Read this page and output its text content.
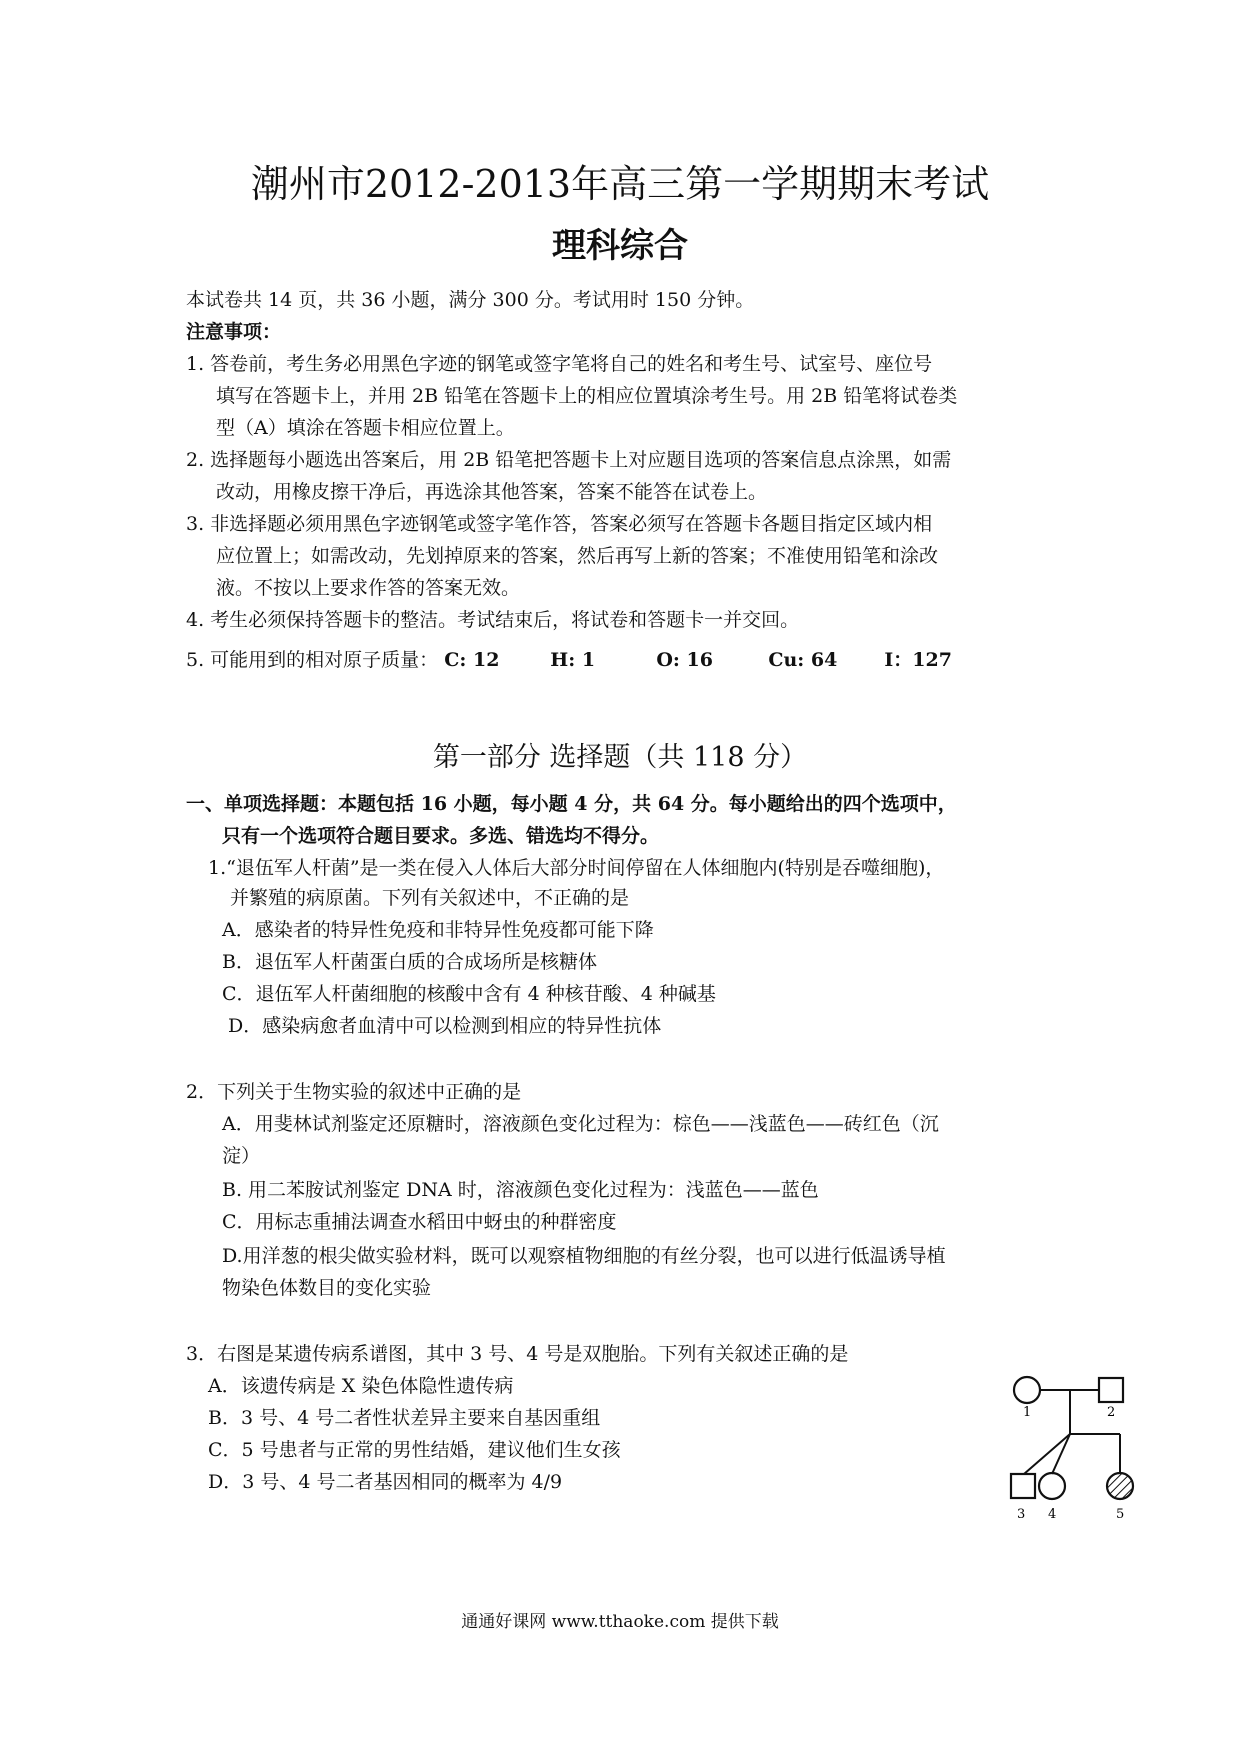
潮州市2012-2013年高三第一学期期末考试
理科综合
本试卷共 14 页，共 36 小题，满分 300 分。考试用时 150 分钟。
注意事项：
1. 答卷前，考生务必用黑色字迹的钢笔或签字笔将自己的姓名和考生号、试室号、座位号
填写在答题卡上，并用 2B 铅笔在答题卡上的相应位置填涂考生号。用 2B 铅笔将试卷类
型（A）填涂在答题卡相应位置上。
2. 选择题每小题选出答案后，用 2B 铅笔把答题卡上对应题目选项的答案信息点涂黑，如需
改动，用橡皮擦干净后，再选涂其他答案，答案不能答在试卷上。
3. 非选择题必须用黑色字迹钢笔或签字笔作答，答案必须写在答题卡各题目指定区域内相
应位置上；如需改动，先划掉原来的答案，然后再写上新的答案；不准使用铅笔和涂改
液。不按以上要求作答的答案无效。
4. 考生必须保持答题卡的整洁。考试结束后，将试卷和答题卡一并交回。
5. 可能用到的相对原子质量： C: 12	H: 1	O: 16	Cu: 64 I：127
第一部分 选择题（共 118 分）
一、单项选择题：本题包括 16 小题，每小题 4 分，共 64 分。每小题给出的四个选项中，
只有一个选项符合题目要求。多选、错选均不得分。
1.“退伍军人杆菌”是一类在侵入人体后大部分时间停留在人体细胞内(特别是吞噬细胞)，
并繁殖的病原菌。下列有关叙述中，不正确的是
A．感染者的特异性免疫和非特异性免疫都可能下降
B．退伍军人杆菌蛋白质的合成场所是核糖体
C．退伍军人杆菌细胞的核酸中含有 4 种核苷酸、4 种碱基
D．感染病愈者血清中可以检测到相应的特异性抗体
2．下列关于生物实验的叙述中正确的是
A．用斐林试剂鉴定还原糖时，溶液颜色变化过程为：棕色——浅蓝色——砖红色（沉
淀）
B. 用二苯胺试剂鉴定 DNA 时，溶液颜色变化过程为：浅蓝色——蓝色
C．用标志重捕法调查水稻田中蚜虫的种群密度
D.用洋葱的根尖做实验材料，既可以观察植物细胞的有丝分裂，也可以进行低温诱导植
物染色体数目的变化实验
3．右图是某遗传病系谱图，其中 3 号、4 号是双胞胎。下列有关叙述正确的是
A．该遗传病是 X 染色体隐性遗传病
B．3 号、4 号二者性状差异主要来自基因重组
C．5 号患者与正常的男性结婚，建议他们生女孩
D．3 号、4 号二者基因相同的概率为 4/9
1	2
3 4	5
通通好课网 www.tthaoke.com 提供下载
